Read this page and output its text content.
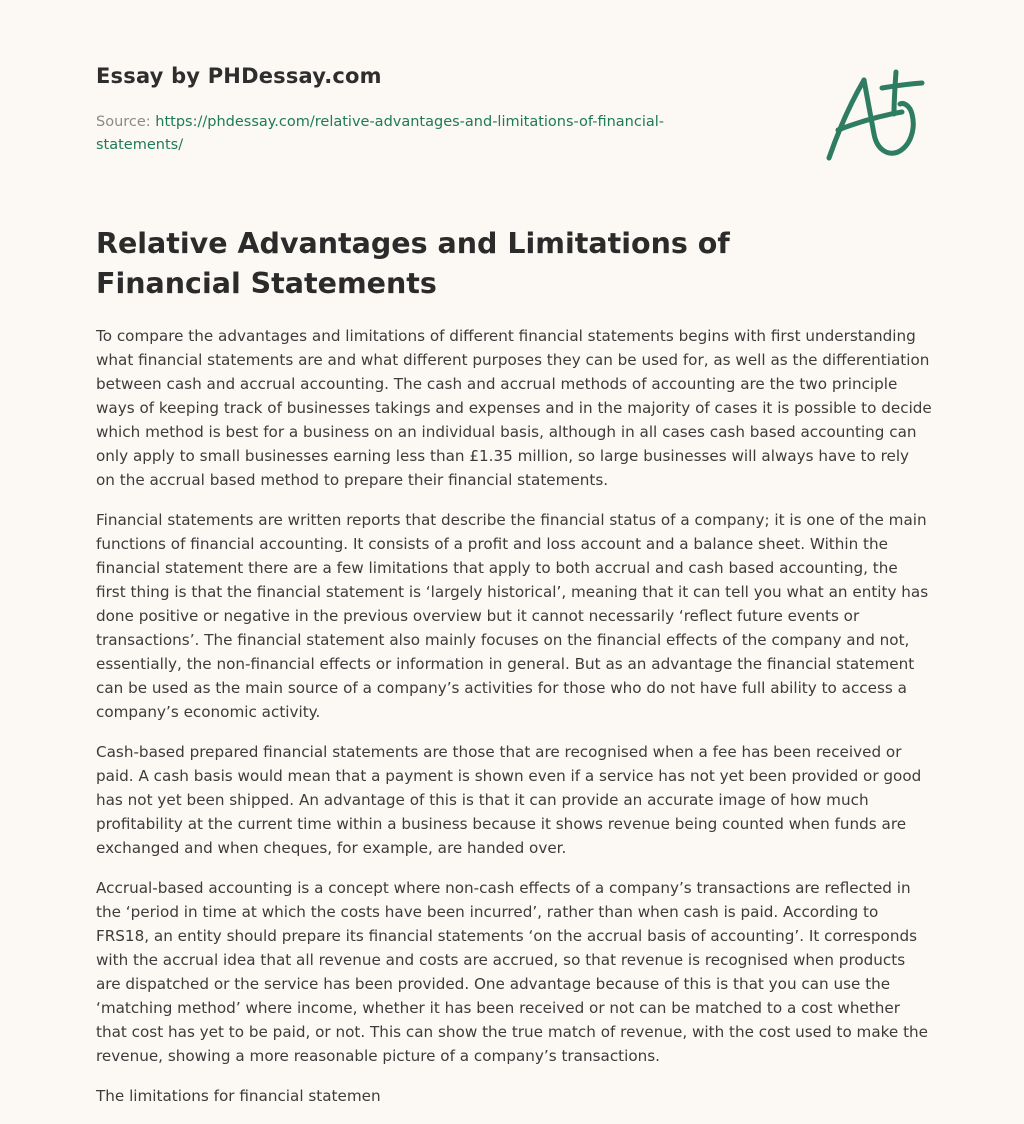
Essay by PHDessay.com
Source: https://phdessay.com/relative-advantages-and-limitations-of-financial-statements/
Relative Advantages and Limitations of Financial Statements

To compare the advantages and limitations of different financial statements begins with first understanding what financial statements are and what different purposes they can be used for, as well as the differentiation between cash and accrual accounting. The cash and accrual methods of accounting are the two principle ways of keeping track of businesses takings and expenses and in the majority of cases it is possible to decide which method is best for a business on an individual basis, although in all cases cash based accounting can only apply to small businesses earning less than £1.35 million, so large businesses will always have to rely on the accrual based method to prepare their financial statements.

Financial statements are written reports that describe the financial status of a company; it is one of the main functions of financial accounting. It consists of a profit and loss account and a balance sheet. Within the financial statement there are a few limitations that apply to both accrual and cash based accounting, the first thing is that the financial statement is ‘largely historical’, meaning that it can tell you what an entity has done positive or negative in the previous overview but it cannot necessarily ‘reflect future events or transactions’. The financial statement also mainly focuses on the financial effects of the company and not, essentially, the non-financial effects or information in general. But as an advantage the financial statement can be used as the main source of a company’s activities for those who do not have full ability to access a company’s economic activity.

Cash-based prepared financial statements are those that are recognised when a fee has been received or paid. A cash basis would mean that a payment is shown even if a service has not yet been provided or good has not yet been shipped. An advantage of this is that it can provide an accurate image of how much profitability at the current time within a business because it shows revenue being counted when funds are exchanged and when cheques, for example, are handed over.

Accrual-based accounting is a concept where non-cash effects of a company’s transactions are reflected in the ‘period in time at which the costs have been incurred’, rather than when cash is paid. According to FRS18, an entity should prepare its financial statements ‘on the accrual basis of accounting’. It corresponds with the accrual idea that all revenue and costs are accrued, so that revenue is recognised when products are dispatched or the service has been provided. One advantage because of this is that you can use the ‘matching method’ where income, whether it has been received or not can be matched to a cost whether that cost has yet to be paid, or not. This can show the true match of revenue, with the cost used to make the revenue, showing a more reasonable picture of a company’s transactions.

The limitations for financial statemen
